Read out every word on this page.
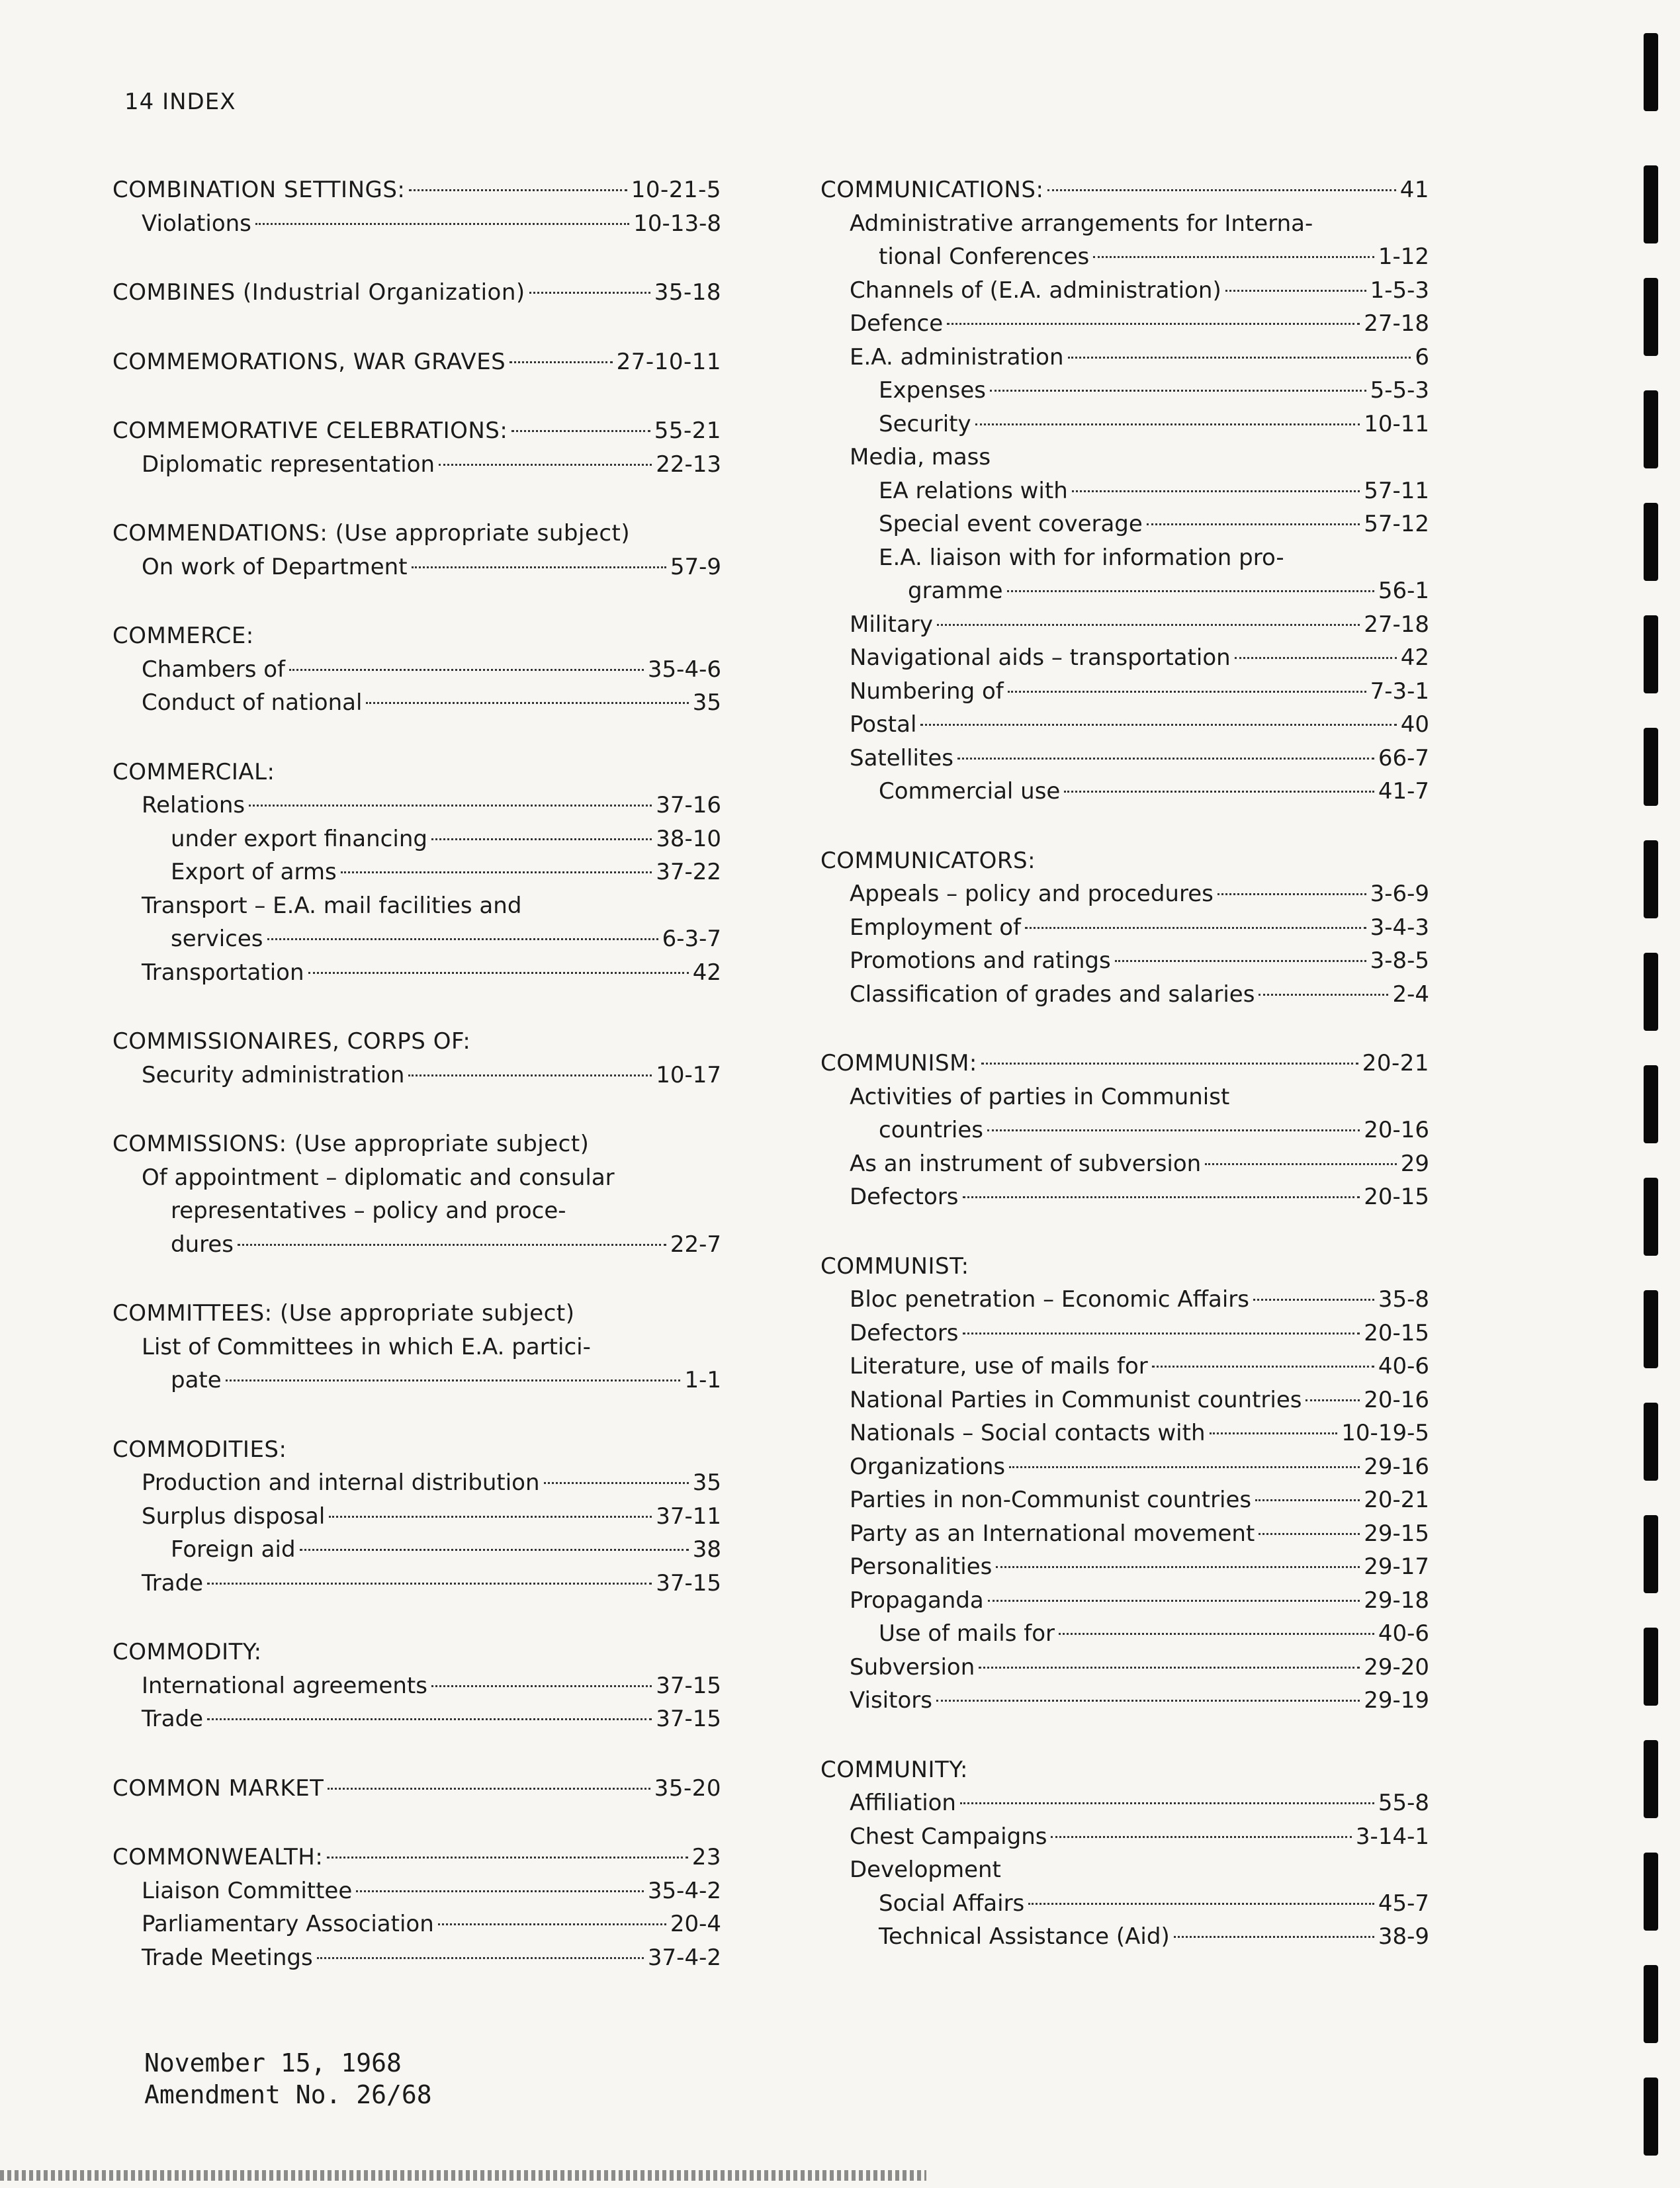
14 INDEX
COMBINATION SETTINGS:	10-21-5
Violations	10-13-8
COMBINES (Industrial Organization)	35-18
COMMEMORATIONS, WAR GRAVES	27-10-11
COMMEMORATIVE CELEBRATIONS:	55-21
Diplomatic representation	22-13
COMMENDATIONS: (Use appropriate subject)
On work of Department	57-9
COMMERCE:
Chambers of	35-4-6
Conduct of national	35
COMMERCIAL:
Relations	37-16
under export financing	38-10
Export of arms	37-22
Transport – E.A. mail facilities and
services	6-3-7
Transportation	42
COMMISSIONAIRES, CORPS OF:
Security administration	10-17
COMMISSIONS: (Use appropriate subject)
Of appointment – diplomatic and consular
representatives – policy and proce-
dures	22-7
COMMITTEES: (Use appropriate subject)
List of Committees in which E.A. partici-
pate	1-1
COMMODITIES:
Production and internal distribution	35
Surplus disposal	37-11
Foreign aid	38
Trade	37-15
COMMODITY:
International agreements	37-15
Trade	37-15
COMMON MARKET	35-20
COMMONWEALTH:	23
Liaison Committee	35-4-2
Parliamentary Association	20-4
Trade Meetings	37-4-2
COMMUNICATIONS:	41
Administrative arrangements for Interna-
tional Conferences	1-12
Channels of (E.A. administration)	1-5-3
Defence	27-18
E.A. administration	6
Expenses	5-5-3
Security	10-11
Media, mass
EA relations with	57-11
Special event coverage	57-12
E.A. liaison with for information pro-
gramme	56-1
Military	27-18
Navigational aids – transportation	42
Numbering of	7-3-1
Postal	40
Satellites	66-7
Commercial use	41-7
COMMUNICATORS:
Appeals – policy and procedures	3-6-9
Employment of	3-4-3
Promotions and ratings	3-8-5
Classification of grades and salaries	2-4
COMMUNISM:	20-21
Activities of parties in Communist
countries	20-16
As an instrument of subversion	29
Defectors	20-15
COMMUNIST:
Bloc penetration – Economic Affairs	35-8
Defectors	20-15
Literature, use of mails for	40-6
National Parties in Communist countries	20-16
Nationals – Social contacts with	10-19-5
Organizations	29-16
Parties in non-Communist countries	20-21
Party as an International movement	29-15
Personalities	29-17
Propaganda	29-18
Use of mails for	40-6
Subversion	29-20
Visitors	29-19
COMMUNITY:
Affiliation	55-8
Chest Campaigns	3-14-1
Development
Social Affairs	45-7
Technical Assistance (Aid)	38-9
November 15, 1968
Amendment No. 26/68
